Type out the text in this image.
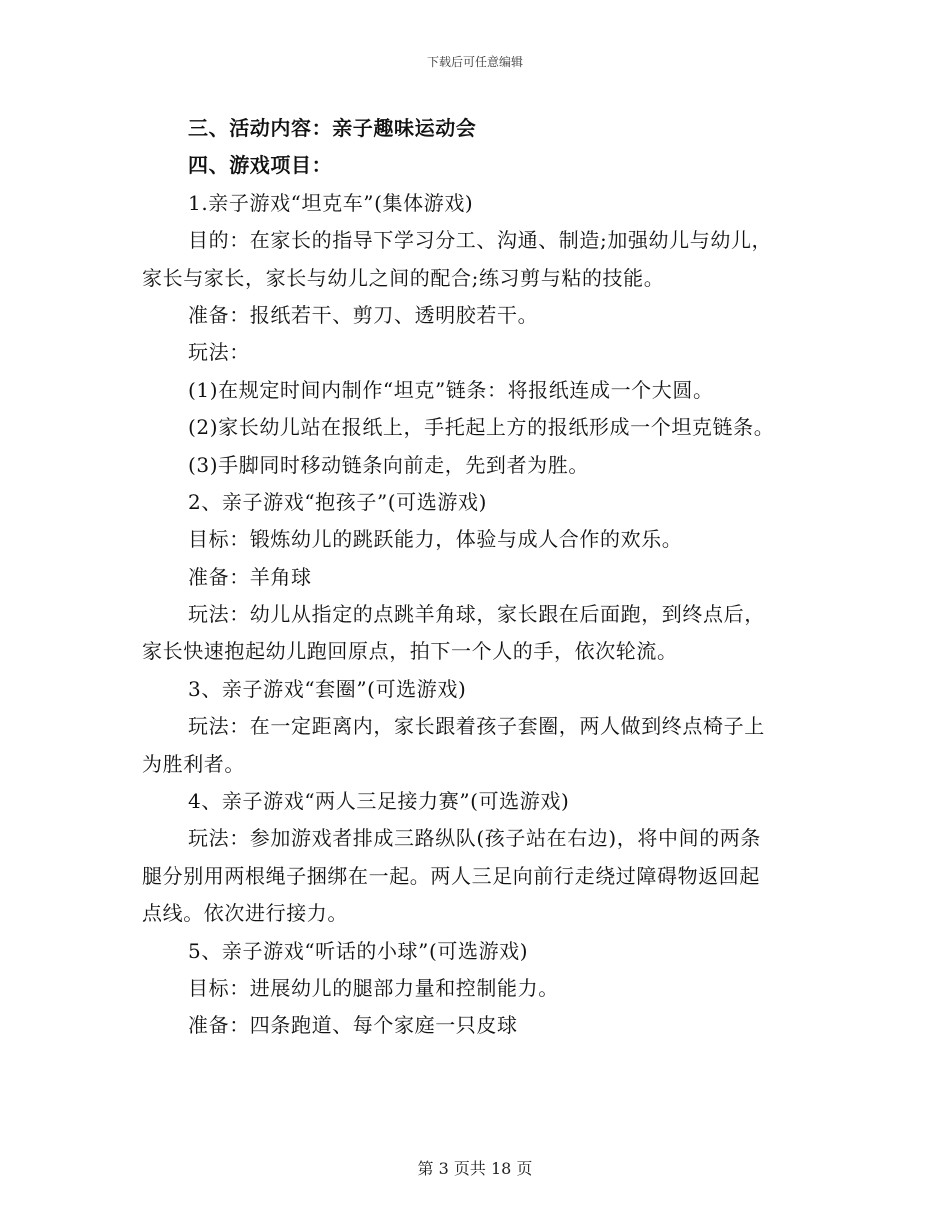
下载后可任意编辑
三、活动内容：亲子趣味运动会
四、游戏项目：
1.亲子游戏“坦克车”(集体游戏)
目的：在家长的指导下学习分工、沟通、制造;加强幼儿与幼儿，
家长与家长，家长与幼儿之间的配合;练习剪与粘的技能。
准备：报纸若干、剪刀、透明胶若干。
玩法：
(1)在规定时间内制作“坦克”链条：将报纸连成一个大圆。
(2)家长幼儿站在报纸上，手托起上方的报纸形成一个坦克链条。
(3)手脚同时移动链条向前走，先到者为胜。
2、亲子游戏“抱孩子”(可选游戏)
目标：锻炼幼儿的跳跃能力，体验与成人合作的欢乐。
准备：羊角球
玩法：幼儿从指定的点跳羊角球，家长跟在后面跑，到终点后，
家长快速抱起幼儿跑回原点，拍下一个人的手，依次轮流。
3、亲子游戏“套圈”(可选游戏)
玩法：在一定距离内，家长跟着孩子套圈，两人做到终点椅子上
为胜利者。
4、亲子游戏“两人三足接力赛”(可选游戏)
玩法：参加游戏者排成三路纵队(孩子站在右边)，将中间的两条
腿分别用两根绳子捆绑在一起。两人三足向前行走绕过障碍物返回起
点线。依次进行接力。
5、亲子游戏“听话的小球”(可选游戏)
目标：进展幼儿的腿部力量和控制能力。
准备：四条跑道、每个家庭一只皮球
第 3 页共 18 页
